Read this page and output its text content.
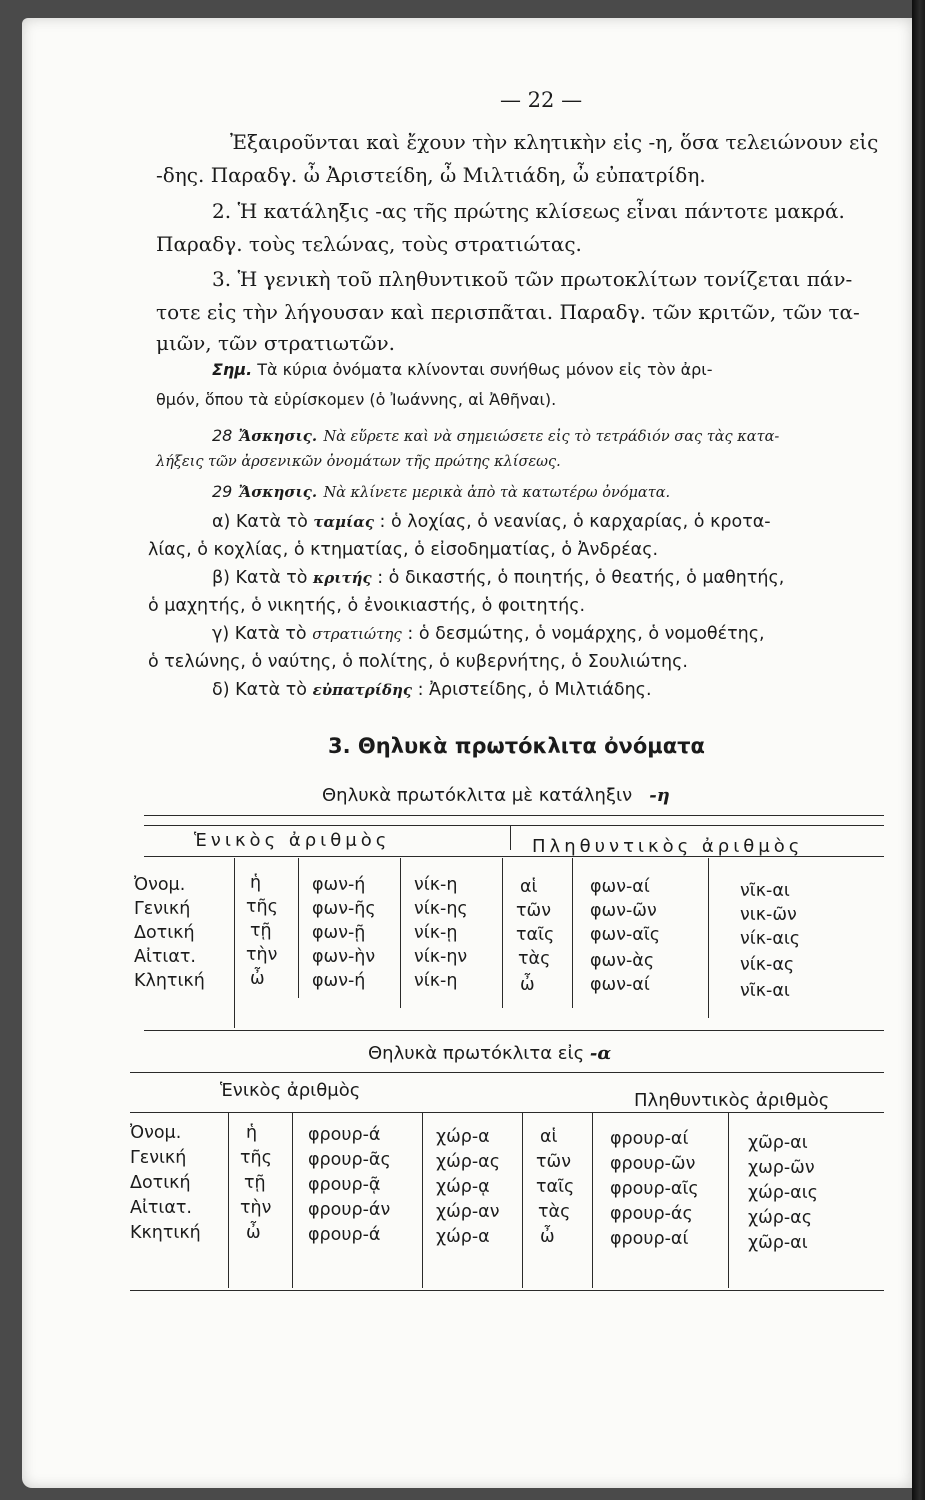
— 22 —
Ἐξαιροῦνται καὶ ἔχουν τὴν κλητικὴν εἰς -η, ὅσα τελειώνουν εἰς
-δης. Παραδγ. ὦ Ἀριστείδη, ὦ Μιλτιάδη, ὦ εὐπατρίδη.
2. Ἡ κατάληξις -ας τῆς πρώτης κλίσεως εἶναι πάντοτε μακρά.
Παραδγ. τοὺς τελώνας, τοὺς στρατιώτας.
3. Ἡ γενικὴ τοῦ πληθυντικοῦ τῶν πρωτοκλίτων τονίζεται πάν-
τοτε εἰς τὴν λήγουσαν καὶ περισπᾶται. Παραδγ. τῶν κριτῶν, τῶν τα-
μιῶν, τῶν στρατιωτῶν.
Σημ. Τὰ κύρια ὀνόματα κλίνονται συνήθως μόνον εἰς τὸν ἀρι-
θμόν, ὅπου τὰ εὑρίσκομεν (ὁ Ἰωάννης, αἱ Ἀθῆναι).
28 Ἄσκησις. Νὰ εὕρετε καὶ νὰ σημειώσετε εἰς τὸ τετράδιόν σας τὰς κατα-
λήξεις τῶν ἀρσενικῶν ὀνομάτων τῆς πρώτης κλίσεως.
29 Ἄσκησις. Νὰ κλίνετε μερικὰ ἀπὸ τὰ κατωτέρω ὀνόματα.
α) Κατὰ τὸ ταμίας : ὁ λοχίας, ὁ νεανίας, ὁ καρχαρίας, ὁ κροτα-
λίας, ὁ κοχλίας, ὁ κτηματίας, ὁ εἰσοδηματίας, ὁ Ἀνδρέας.
β) Κατὰ τὸ κριτής : ὁ δικαστής, ὁ ποιητής, ὁ θεατής, ὁ μαθητής,
ὁ μαχητής, ὁ νικητής, ὁ ἐνοικιαστής, ὁ φοιτητής.
γ) Κατὰ τὸ στρατιώτης : ὁ δεσμώτης, ὁ νομάρχης, ὁ νομοθέτης,
ὁ τελώνης, ὁ ναύτης, ὁ πολίτης, ὁ κυβερνήτης, ὁ Σουλιώτης.
δ) Κατὰ τὸ εὐπατρίδης : Ἀριστείδης, ὁ Μιλτιάδης.
3. Θηλυκὰ πρωτόκλιτα ὀνόματα
Θηλυκὰ πρωτόκλιτα μὲ κατάληξιν -η
Ἑνικὸς ἀριθμὸς	Πληθυντικὸς ἀριθμὸς
Ὀνομ.
Γενική
Δοτική
Αἰτιατ.
Κλητική
ἡ
τῆς
τῇ
τὴν
ὦ
φων-ή
φων-ῆς
φων-ῇ
φων-ὴν
φων-ή
νίκ-η
νίκ-ης
νίκ-ῃ
νίκ-ην
νίκ-η
αἱ
τῶν
ταῖς
τὰς
ὦ
φων-αί
φων-ῶν
φων-αῖς
φων-ὰς
φων-αί
νῖκ-αι
νικ-ῶν
νίκ-αις
νίκ-ας
νῖκ-αι
Θηλυκὰ πρωτόκλιτα εἰς -α
Ἑνικὸς ἀριθμὸς	Πληθυντικὸς ἀριθμὸς
Ὀνομ.
Γενική
Δοτική
Αἰτιατ.
Κκητική
ἡ
τῆς
τῇ
τὴν
ὦ
φρουρ-ά
φρουρ-ᾶς
φρουρ-ᾷ
φρουρ-άν
φρουρ-ά
χώρ-α
χώρ-ας
χώρ-ᾳ
χώρ-αν
χώρ-α
αἱ
τῶν
ταῖς
τὰς
ὦ
φρουρ-αί
φρουρ-ῶν
φρουρ-αῖς
φρουρ-άς
φρουρ-αί
χῶρ-αι
χωρ-ῶν
χώρ-αις
χώρ-ας
χῶρ-αι
